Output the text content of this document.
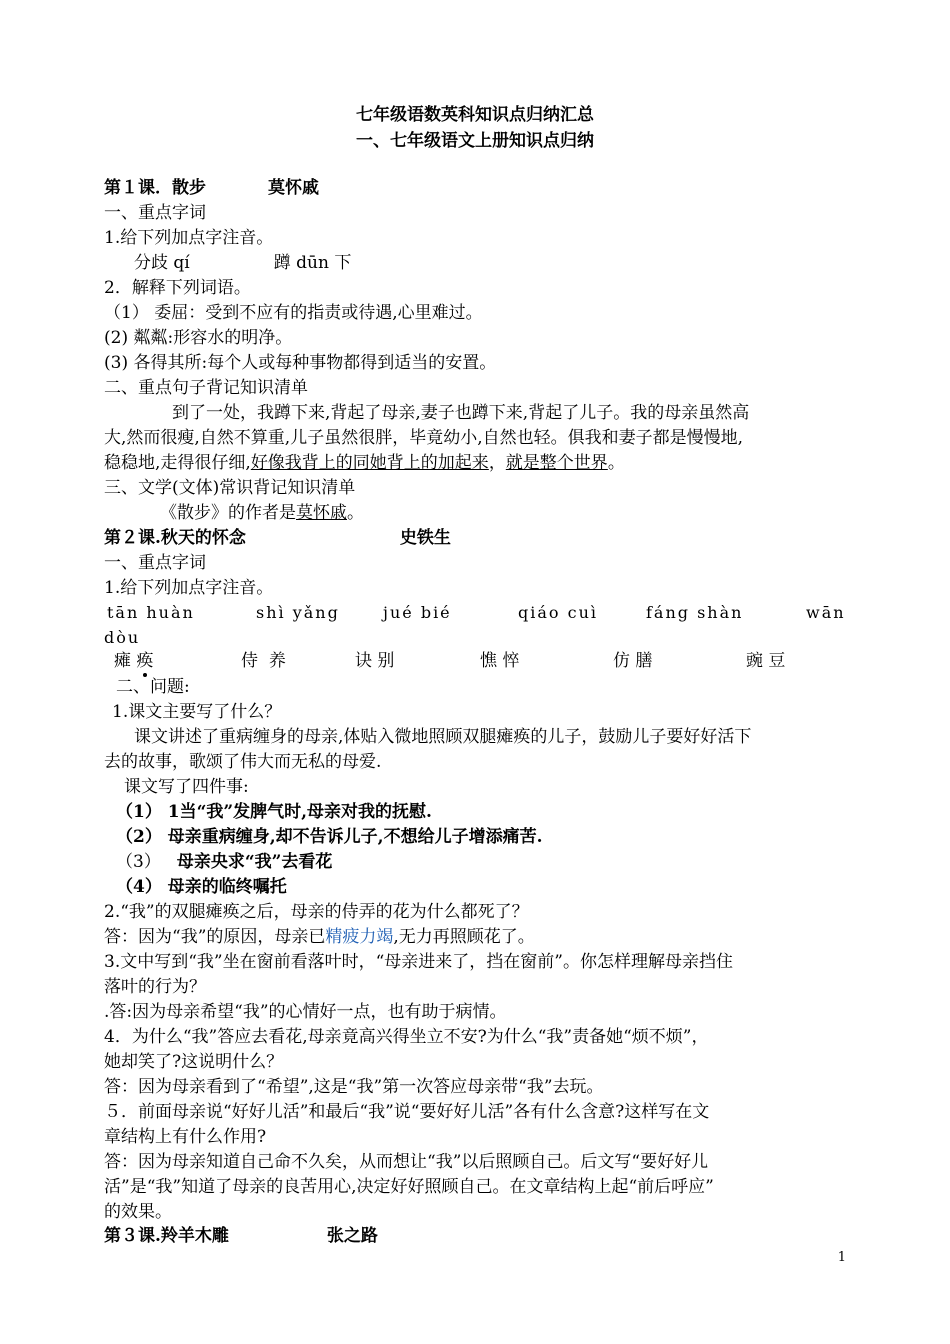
七年级语数英科知识点归纳汇总
一、七年级语文上册知识点归纳
第１课．散步	莫怀戚
一、重点字词
1.给下列加点字注音。
分歧 qí	蹲 dūn 下
2．解释下列词语。
（1） 委屈：受到不应有的指责或待遇,心里难过。
(2) 粼粼:形容水的明净。
(3) 各得其所:每个人或每种事物都得到适当的安置。
二、重点句子背记知识清单
到了一处，我蹲下来,背起了母亲,妻子也蹲下来,背起了儿子。我的母亲虽然高
大,然而很瘦,自然不算重,儿子虽然很胖，毕竟幼小,自然也轻。俱我和妻子都是慢慢地,
稳稳地,走得很仔细,好像我背上的同她背上的加起来，就是整个世界。
三、文学(文体)常识背记知识清单
《散步》的作者是莫怀戚。
第２课.秋天的怀念	史铁生
一、重点字词
1.给下列加点字注音。
tān huàn	shì yǎng	jué bié	qiáo cuì	fáng shàn	wān
dòu
瘫 痪	侍 养	诀 别	憔 悴	仿 膳	豌 豆
二、问题:
1.课文主要写了什么？
课文讲述了重病缠身的母亲,体贴入微地照顾双腿瘫痪的儿子，鼓励儿子要好好活下
去的故事，歌颂了伟大而无私的母爱.
课文写了四件事:
（1） 1当“我”发脾气时,母亲对我的抚慰.
（2） 母亲重病缠身,却不告诉儿子,不想给儿子增添痛苦.
（3） 母亲央求“我”去看花
（4） 母亲的临终嘱托
2.“我”的双腿瘫痪之后，母亲的侍弄的花为什么都死了？
答：因为“我”的原因，母亲已精疲力竭,无力再照顾花了。
3.文中写到“我”坐在窗前看落叶时，“母亲进来了，挡在窗前”。你怎样理解母亲挡住
落叶的行为？
.答:因为母亲希望“我”的心情好一点，也有助于病情。
4．为什么“我”答应去看花,母亲竟高兴得坐立不安?为什么“我”责备她“烦不烦”，
她却笑了?这说明什么？
答：因为母亲看到了“希望”,这是“我”第一次答应母亲带“我”去玩。
５．前面母亲说“好好儿活”和最后“我”说“要好好儿活”各有什么含意?这样写在文
章结构上有什么作用?
答：因为母亲知道自己命不久矣，从而想让“我”以后照顾自己。后文写“要好好儿
活”是“我”知道了母亲的良苦用心,决定好好照顾自己。在文章结构上起“前后呼应”
的效果。
第３课.羚羊木雕	张之路
1
